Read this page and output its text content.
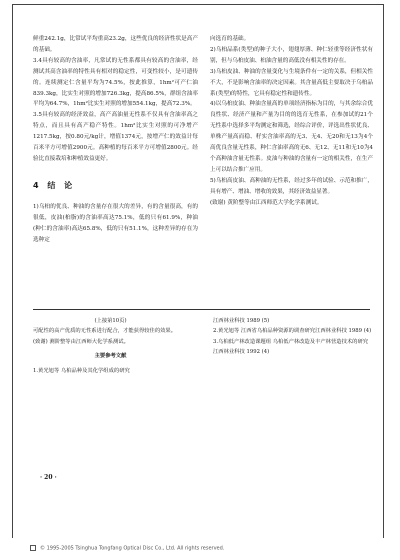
鲜重242.1g，比常试平均重高23.2g，这些优良的经济性状是高产的基础。

3.4具有较高的含油率，凡常试的无性系都具有较高的含油率，经测试其高含油率的特性具有相对的稳定性，可变性较小，是可遗传的。连续测定仁含量平均为74.5%，按此推算，1hm²可产仁油839.3kg，比实生对照的增加726.3kg，提高86.5%，群组含油率平均为64.7%，1hm²比实生对照的增加554.1kg，提高72.3%。

3.5具有较高的经济效益，高产高油量无性系不仅具有含油率高之特点，而且具有高产稳产特性。1hm²比实生对照的可净增产1217.5kg，按0.80元/kg计，增值1374元，按增产仁的效益计每百米平方可增值2900元。高种植的每百米平方可增值2800元。经验比直接栽培和种植效益更好。

4 结 论

1)乌桕的优良、种油的含量存在很大的差异，有的含量很高，有的很低，皮油(桕脂)的含油率高达75.1%，低的只有61.9%，种油(种仁的含油率)高达65.8%，低的只有51.1%，这种差异的存在为选种定

向选育的基础。

2)乌桕品系(类型)的种子大小，翅翅厚薄、种仁轻重等经济性状有别，但与乌桕皮油、桕油含量的高低没有相关性的存在。

3)乌桕皮油、种油的含量变化与生境条件有一定的关系，但相关性不大，不是影响含油率的决定因素。其含量高低主要取决于乌桕品系(类型)的特性，它具有稳定性和遗传性。

4)以乌桕皮油、种油含量高的单项经济指标为目的，与其余综合优良性状、经济产量和产量为目的的选育无性系，在参加试的21个无性系中选择多平均测定和筛选，经综合评价，评选出性状优良、单株产量高而稳、籽实含油率高的无3、无4、无20和无13为4个高优良含量无性系，种仁含油率高的无6、无12、无11和无10为4个高种油含量无性系。皮油与种油的含量有一定的相关性，在生产上可以结合推广应用。

5)乌桕高皮油、高种油的无性系，经过多年的试验、示范和推广，具有增产、增油、增收的效果，其经济效益显著。

(致谢) 黄阶整等由江西师范大学化学系测试。

(上接第10页)

可配性的高产优质的无性系进行配合，才能获得较佳的效果。

(致谢) 测阶整等由江西师大化学系测试。

主要参考文献

1.黄光旭等 乌桕品种及其化学组成的研究

江西林业科技 1989 (5)

2.黄光旭等 江西省乌桕品种资源的调查研究江西林业科技 1989 (4)

3.乌桕低产林改造课题组 乌桕低产林改造及丰产林营造技术的研究 江西林业科技 1992 (4)

· 20 ·
© 1995-2005 Tsinghua Tongfang Optical Disc Co., Ltd. All rights reserved.
